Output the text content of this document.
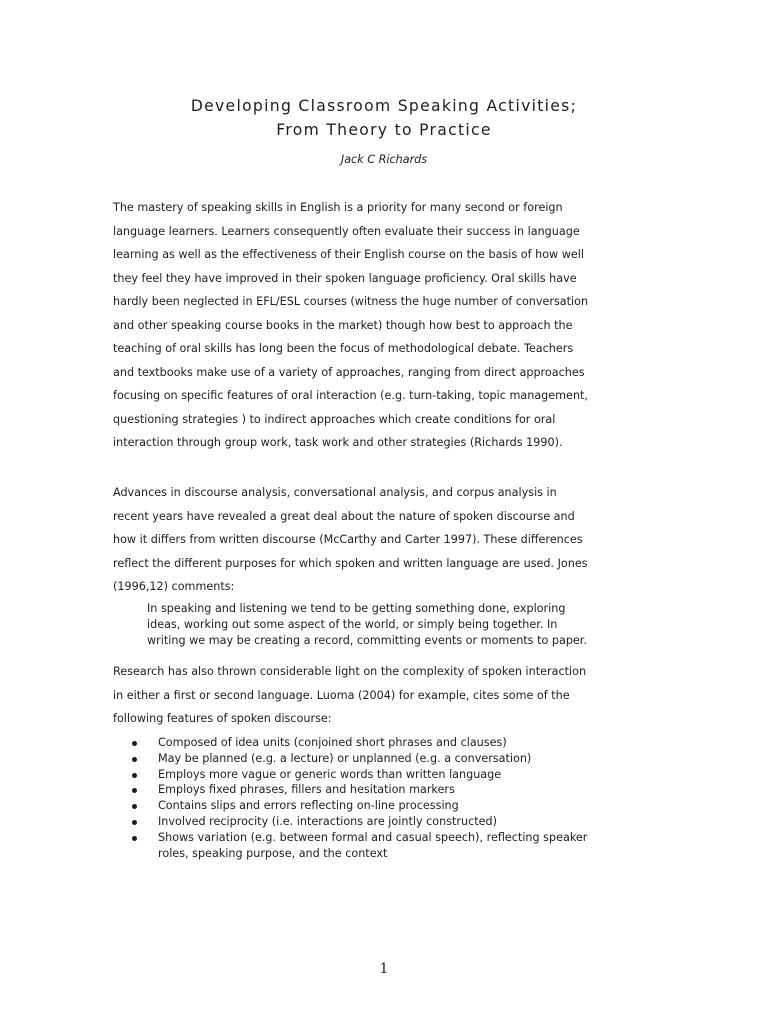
Developing Classroom Speaking Activities;
From Theory to Practice
Jack C Richards

The mastery of speaking skills in English is a priority for many second or foreign
language learners. Learners consequently often evaluate their success in language
learning as well as the effectiveness of their English course on the basis of how well
they feel they have improved in their spoken language proficiency. Oral skills have
hardly been neglected in EFL/ESL courses (witness the huge number of conversation
and other speaking course books in the market) though how best to approach the
teaching of oral skills has long been the focus of methodological debate. Teachers
and textbooks make use of a variety of approaches, ranging from direct approaches
focusing on specific features of oral interaction (e.g. turn-taking, topic management,
questioning strategies ) to indirect approaches which create conditions for oral
interaction through group work, task work and other strategies (Richards 1990).

Advances in discourse analysis, conversational analysis, and corpus analysis in
recent years have revealed a great deal about the nature of spoken discourse and
how it differs from written discourse (McCarthy and Carter 1997). These differences
reflect the different purposes for which spoken and written language are used. Jones
(1996,12) comments:

In speaking and listening we tend to be getting something done, exploring
ideas, working out some aspect of the world, or simply being together. In
writing we may be creating a record, committing events or moments to paper.

Research has also thrown considerable light on the complexity of spoken interaction
in either a first or second language. Luoma (2004) for example, cites some of the
following features of spoken discourse:

Composed of idea units (conjoined short phrases and clauses)
May be planned (e.g. a lecture) or unplanned (e.g. a conversation)
Employs more vague or generic words than written language
Employs fixed phrases, fillers and hesitation markers
Contains slips and errors reflecting on-line processing
Involved reciprocity (i.e. interactions are jointly constructed)
Shows variation (e.g. between formal and casual speech), reflecting speaker
roles, speaking purpose, and the context
1
